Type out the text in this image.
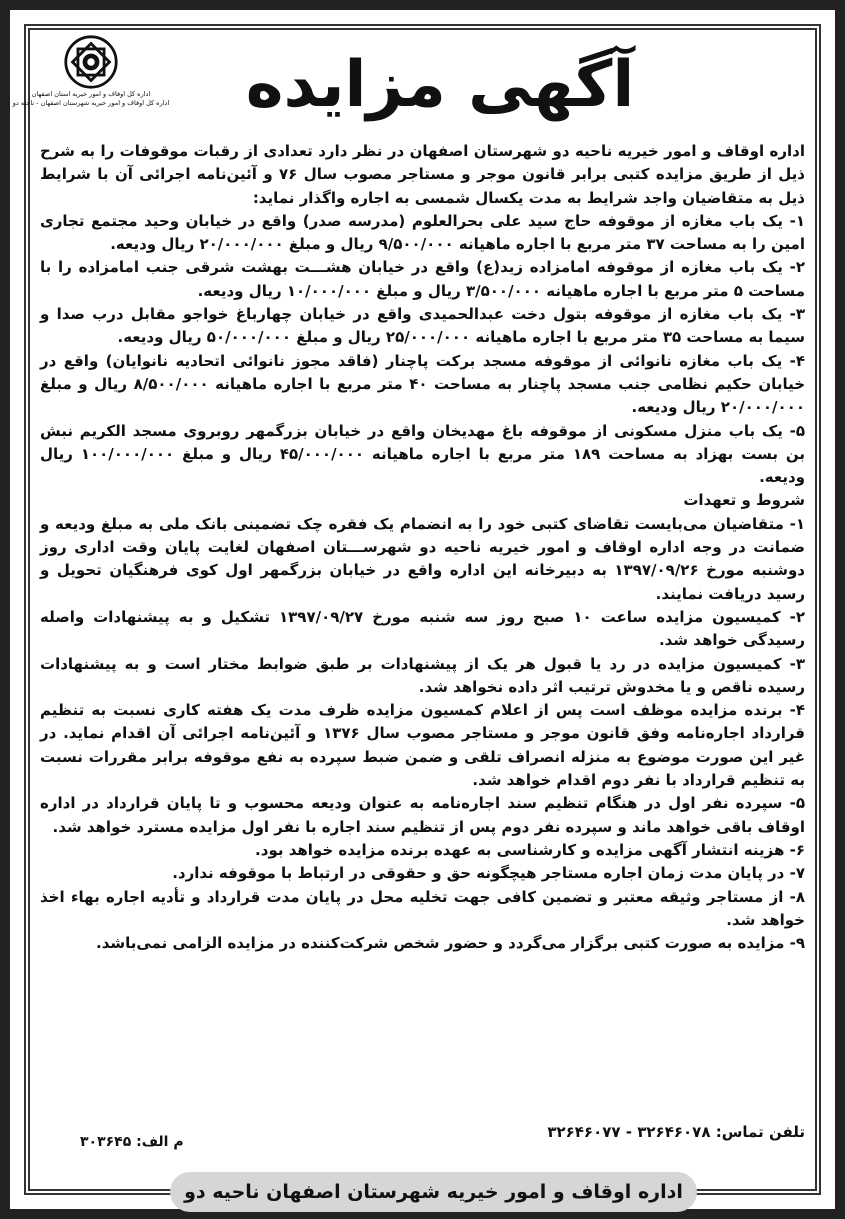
اداره کل اوقاف و امور خیریه استان اصفهان
اداره کل اوقاف و امور خیریه شهرستان اصفهان - ناحیه دو آگهی مزایده

اداره اوقاف و امور خیریه ناحیه دو شهرستان اصفهان در نظر دارد تعدادی از رقبات موقوفات را به شرح ذیل از طریق مزایده کتبی برابر قانون موجر و مستاجر مصوب سال ۷۶ و آئین‌نامه اجرائی آن با شرایط ذیل به متقاضیان واجد شرایط به مدت یکسال شمسی به اجاره واگذار نماید:

۱- یک باب مغازه از موقوفه حاج سید علی بحرالعلوم (مدرسه صدر) واقع در خیابان وحید مجتمع تجاری امین را به مساحت ۳۷ متر مربع با اجاره ماهیانه ۹/۵۰۰/۰۰۰ ریال و مبلغ ۲۰/۰۰۰/۰۰۰ ریال ودیعه.

۲- یک باب مغازه از موقوفه امامزاده زید(ع) واقع در خیابان هشـــت بهشت شرقی جنب امامزاده را با مساحت ۵ متر مربع با اجاره ماهیانه ۳/۵۰۰/۰۰۰ ریال و مبلغ ۱۰/۰۰۰/۰۰۰ ریال ودیعه.

۳- یک باب مغازه از موقوفه بتول دخت عبدالحمیدی واقع در خیابان چهارباغ خواجو مقابل درب صدا و سیما به مساحت ۳۵ متر مربع با اجاره ماهیانه ۲۵/۰۰۰/۰۰۰ ریال و مبلغ ۵۰/۰۰۰/۰۰۰ ریال ودیعه.

۴- یک باب مغازه نانوائی از موقوفه مسجد برکت پاچنار (فاقد مجوز نانوائی اتحادیه نانوایان) واقع در خیابان حکیم نظامی جنب مسجد پاچنار به مساحت ۴۰ متر مربع با اجاره ماهیانه ۸/۵۰۰/۰۰۰ ریال و مبلغ ۲۰/۰۰۰/۰۰۰ ریال ودیعه.

۵- یک باب منزل مسکونی از موقوفه باغ مهدیخان واقع در خیابان بزرگمهر روبروی مسجد الکریم نبش بن بست بهزاد به مساحت ۱۸۹ متر مربع با اجاره ماهیانه ۴۵/۰۰۰/۰۰۰ ریال و مبلغ ۱۰۰/۰۰۰/۰۰۰ ریال ودیعه.

شروط و تعهدات

۱- متقاضیان می‌بایست تقاضای کتبی خود را به انضمام یک فقره چک تضمینی بانک ملی به مبلغ ودیعه و ضمانت در وجه اداره اوقاف و امور خیریه ناحیه دو شهرســـتان اصفهان لغایت پایان وقت اداری روز دوشنبه مورخ ۱۳۹۷/۰۹/۲۶ به دبیرخانه این اداره واقع در خیابان بزرگمهر اول کوی فرهنگیان تحویل و رسید دریافت نمایند.

۲- کمیسیون مزایده ساعت ۱۰ صبح روز سه شنبه مورخ ۱۳۹۷/۰۹/۲۷ تشکیل و به پیشنهادات واصله رسیدگی خواهد شد.

۳- کمیسیون مزایده در رد یا قبول هر یک از پیشنهادات بر طبق ضوابط مختار است و به پیشنهادات رسیده ناقص و یا مخدوش ترتیب اثر داده نخواهد شد.

۴- برنده مزایده موظف است پس از اعلام کمسیون مزایده ظرف مدت یک هفته کاری نسبت به تنظیم قرارداد اجاره‌نامه وفق قانون موجر و مستاجر مصوب سال ۱۳۷۶ و آئین‌نامه اجرائی آن اقدام نماید. در غیر این صورت موضوع به منزله انصراف تلقی و ضمن ضبط سپرده به نفع موقوفه برابر مقررات نسبت به تنظیم قرارداد با نفر دوم اقدام خواهد شد.

۵- سپرده نفر اول در هنگام تنظیم سند اجاره‌نامه به عنوان ودیعه محسوب و تا پایان قرارداد در اداره اوقاف باقی خواهد ماند و سپرده نفر دوم پس از تنظیم سند اجاره با نفر اول مزایده مسترد خواهد شد.

۶- هزینه انتشار آگهی مزایده و کارشناسی به عهده برنده مزایده خواهد بود.

۷- در پایان مدت زمان اجاره مستاجر هیچگونه حق و حقوقی در ارتباط با موقوفه ندارد.

۸- از مستاجر وثیقه معتبر و تضمین کافی جهت تخلیه محل در پایان مدت قرارداد و تأدیه اجاره بهاء اخذ خواهد شد.

۹- مزایده به صورت کتبی برگزار می‌گردد و حضور شخص شرکت‌کننده در مزایده الزامی نمی‌باشد.

تلفن تماس: ۳۲۶۴۶۰۷۸ - ۳۲۶۴۶۰۷۷
م الف: ۳۰۳۶۴۵
اداره اوقاف و امور خیریه شهرستان اصفهان ناحیه دو
